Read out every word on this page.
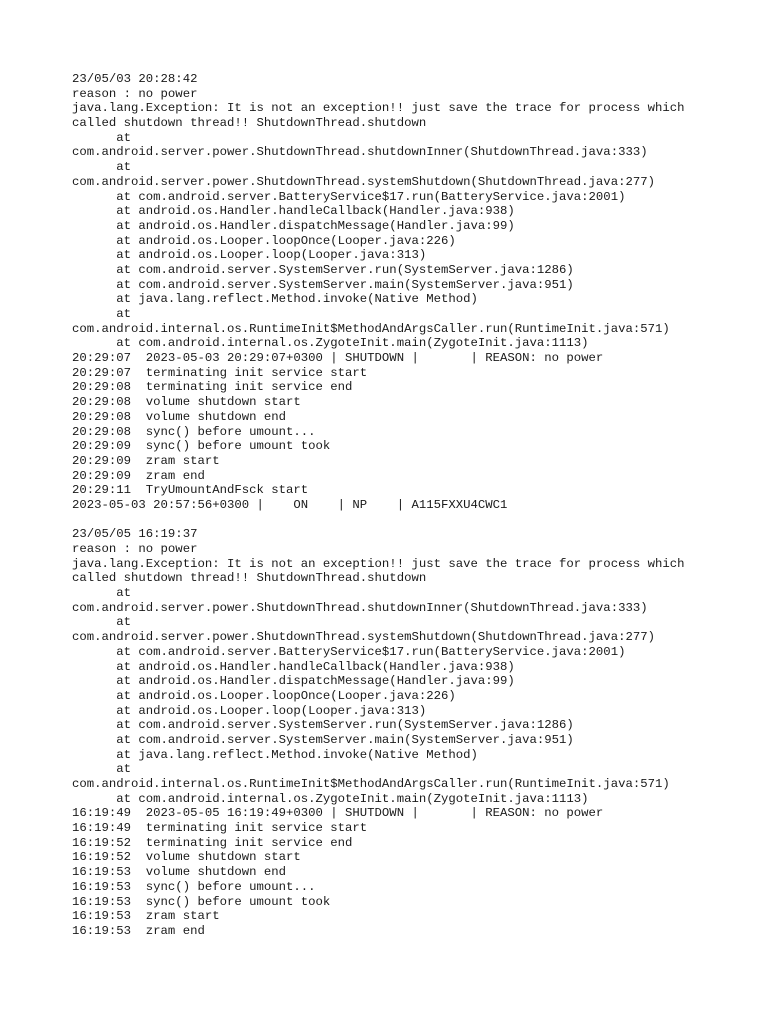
23/05/03 20:28:42
reason : no power
java.lang.Exception: It is not an exception!! just save the trace for process which
called shutdown thread!! ShutdownThread.shutdown
at
com.android.server.power.ShutdownThread.shutdownInner(ShutdownThread.java:333)
at
com.android.server.power.ShutdownThread.systemShutdown(ShutdownThread.java:277)
at com.android.server.BatteryService$17.run(BatteryService.java:2001)
at android.os.Handler.handleCallback(Handler.java:938)
at android.os.Handler.dispatchMessage(Handler.java:99)
at android.os.Looper.loopOnce(Looper.java:226)
at android.os.Looper.loop(Looper.java:313)
at com.android.server.SystemServer.run(SystemServer.java:1286)
at com.android.server.SystemServer.main(SystemServer.java:951)
at java.lang.reflect.Method.invoke(Native Method)
at
com.android.internal.os.RuntimeInit$MethodAndArgsCaller.run(RuntimeInit.java:571)
at com.android.internal.os.ZygoteInit.main(ZygoteInit.java:1113)
20:29:07  2023-05-03 20:29:07+0300 | SHUTDOWN |       | REASON: no power
20:29:07  terminating init service start
20:29:08  terminating init service end
20:29:08  volume shutdown start
20:29:08  volume shutdown end
20:29:08  sync() before umount...
20:29:09  sync() before umount took
20:29:09  zram start
20:29:09  zram end
20:29:11  TryUmountAndFsck start
2023-05-03 20:57:56+0300 |    ON    | NP    | A115FXXU4CWC1
23/05/05 16:19:37
reason : no power
java.lang.Exception: It is not an exception!! just save the trace for process which
called shutdown thread!! ShutdownThread.shutdown
at
com.android.server.power.ShutdownThread.shutdownInner(ShutdownThread.java:333)
at
com.android.server.power.ShutdownThread.systemShutdown(ShutdownThread.java:277)
at com.android.server.BatteryService$17.run(BatteryService.java:2001)
at android.os.Handler.handleCallback(Handler.java:938)
at android.os.Handler.dispatchMessage(Handler.java:99)
at android.os.Looper.loopOnce(Looper.java:226)
at android.os.Looper.loop(Looper.java:313)
at com.android.server.SystemServer.run(SystemServer.java:1286)
at com.android.server.SystemServer.main(SystemServer.java:951)
at java.lang.reflect.Method.invoke(Native Method)
at
com.android.internal.os.RuntimeInit$MethodAndArgsCaller.run(RuntimeInit.java:571)
at com.android.internal.os.ZygoteInit.main(ZygoteInit.java:1113)
16:19:49  2023-05-05 16:19:49+0300 | SHUTDOWN |       | REASON: no power
16:19:49  terminating init service start
16:19:52  terminating init service end
16:19:52  volume shutdown start
16:19:53  volume shutdown end
16:19:53  sync() before umount...
16:19:53  sync() before umount took
16:19:53  zram start
16:19:53  zram end
